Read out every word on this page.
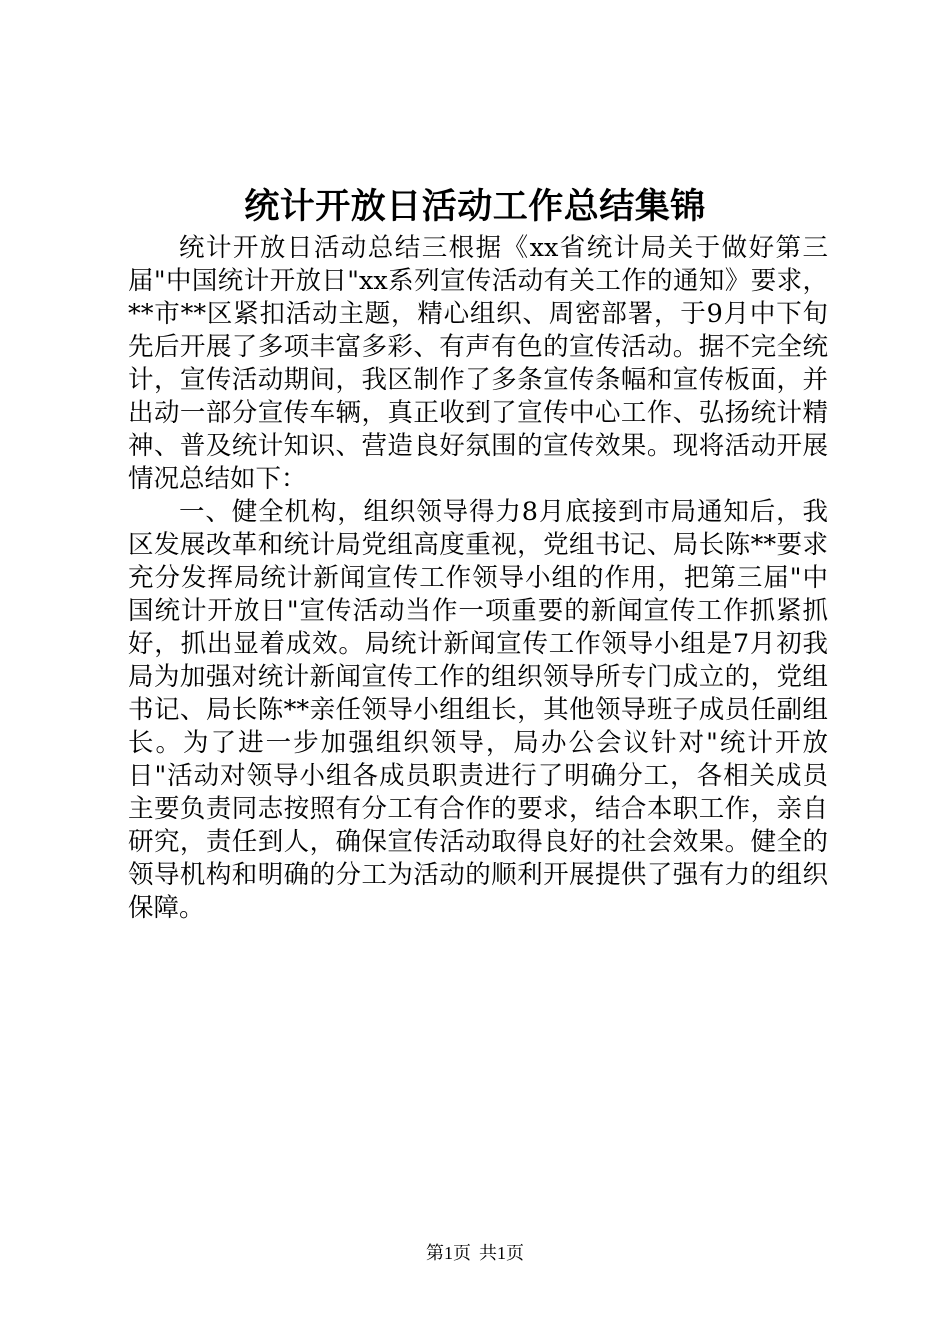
统计开放日活动工作总结集锦

统计开放日活动总结三根据《xx省统计局关于做好第三届"中国统计开放日"xx系列宣传活动有关工作的通知》要求，**市**区紧扣活动主题，精心组织、周密部署，于9月中下旬先后开展了多项丰富多彩、有声有色的宣传活动。据不完全统计，宣传活动期间，我区制作了多条宣传条幅和宣传板面，并出动一部分宣传车辆，真正收到了宣传中心工作、弘扬统计精神、普及统计知识、营造良好氛围的宣传效果。现将活动开展情况总结如下：

一、健全机构，组织领导得力8月底接到市局通知后，我区发展改革和统计局党组高度重视，党组书记、局长陈**要求充分发挥局统计新闻宣传工作领导小组的作用，把第三届"中国统计开放日"宣传活动当作一项重要的新闻宣传工作抓紧抓好，抓出显着成效。局统计新闻宣传工作领导小组是7月初我局为加强对统计新闻宣传工作的组织领导所专门成立的，党组书记、局长陈**亲任领导小组组长，其他领导班子成员任副组长。为了进一步加强组织领导，局办公会议针对"统计开放日"活动对领导小组各成员职责进行了明确分工，各相关成员主要负责同志按照有分工有合作的要求，结合本职工作，亲自研究，责任到人，确保宣传活动取得良好的社会效果。健全的领导机构和明确的分工为活动的顺利开展提供了强有力的组织保障。

第1页 共1页
